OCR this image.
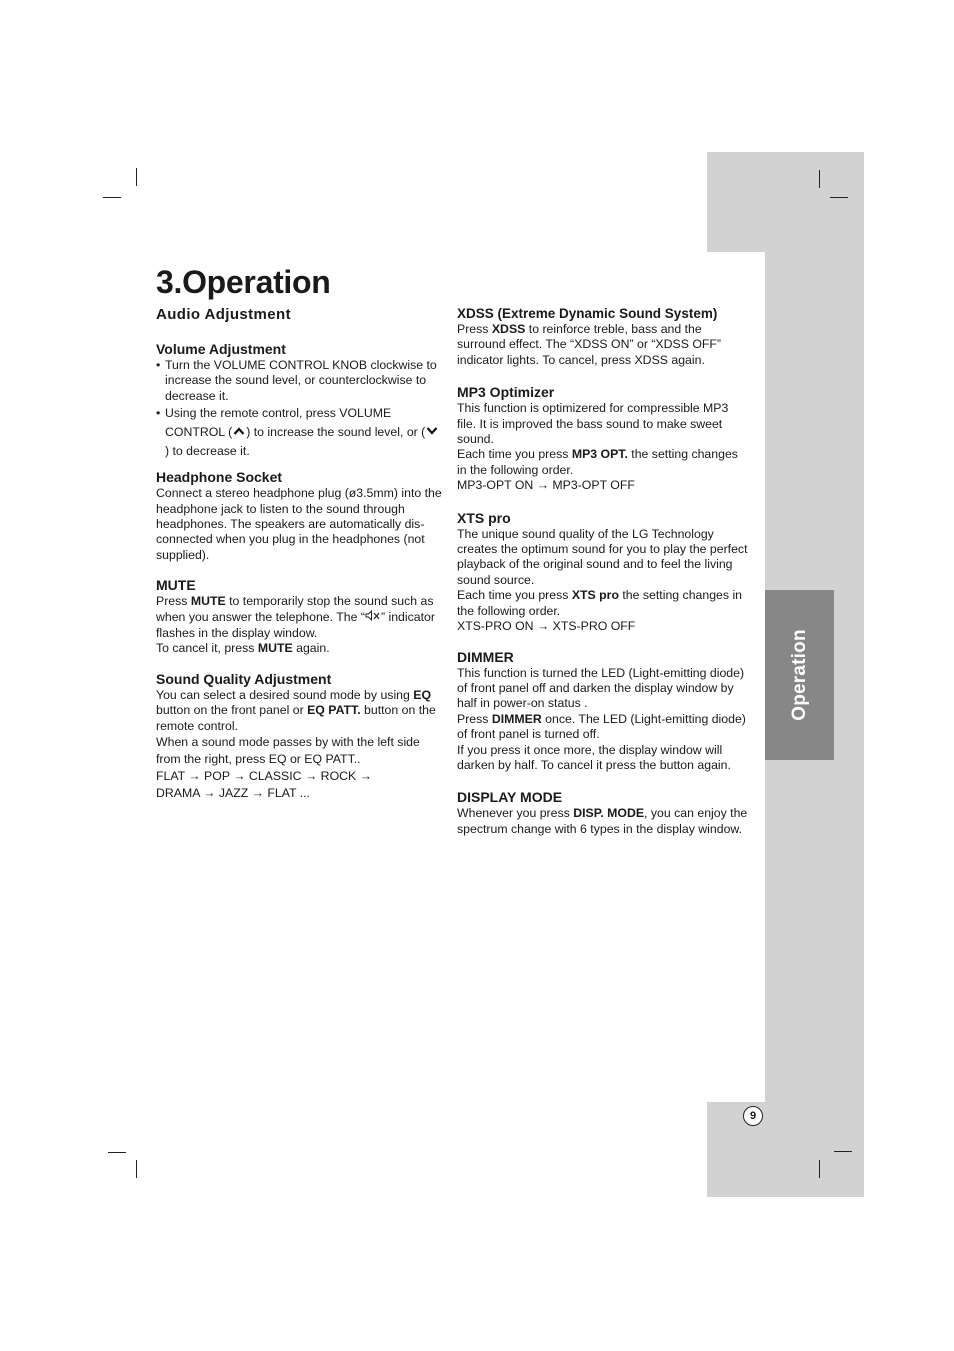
Operation
9
3.Operation
Audio Adjustment
Volume Adjustment
• Turn the VOLUME CONTROL KNOB clockwise to increase the sound level, or counterclockwise to decrease it.
• Using the remote control, press VOLUME CONTROL ( ) to increase the sound level, or () to decrease it.
Headphone Socket

Connect a stereo headphone plug (ø3.5mm) into the headphone jack to listen to the sound through headphones. The speakers are automatically dis-connected when you plug in the headphones (not supplied).

MUTE

Press MUTE to temporarily stop the sound such as when you answer the telephone. The “ ” indicator flashes in the display window.

To cancel it, press MUTE again.

Sound Quality Adjustment

You can select a desired sound mode by using EQ button on the front panel or EQ PATT. button on the remote control.

When a sound mode passes by with the left side from the right, press EQ or EQ PATT..

FLAT → POP → CLASSIC → ROCK →

DRAMA → JAZZ → FLAT ...

XDSS (Extreme Dynamic Sound System)

Press XDSS to reinforce treble, bass and the surround effect. The “XDSS ON” or “XDSS OFF” indicator lights. To cancel, press XDSS again.

MP3 Optimizer

This function is optimizered for compressible MP3 file. It is improved the bass sound to make sweet sound.

Each time you press MP3 OPT. the setting changes in the following order.

MP3-OPT ON → MP3-OPT OFF

XTS pro

The unique sound quality of the LG Technology creates the optimum sound for you to play the perfect playback of the original sound and to feel the living sound source.

Each time you press XTS pro the setting changes in the following order.

XTS-PRO ON → XTS-PRO OFF

DIMMER

This function is turned the LED (Light-emitting diode) of front panel off and darken the display window by half in power-on status .

Press DIMMER once. The LED (Light-emitting diode) of front panel is turned off.

If you press it once more, the display window will darken by half. To cancel it press the button again.

DISPLAY MODE

Whenever you press DISP. MODE, you can enjoy the spectrum change with 6 types in the display window.
